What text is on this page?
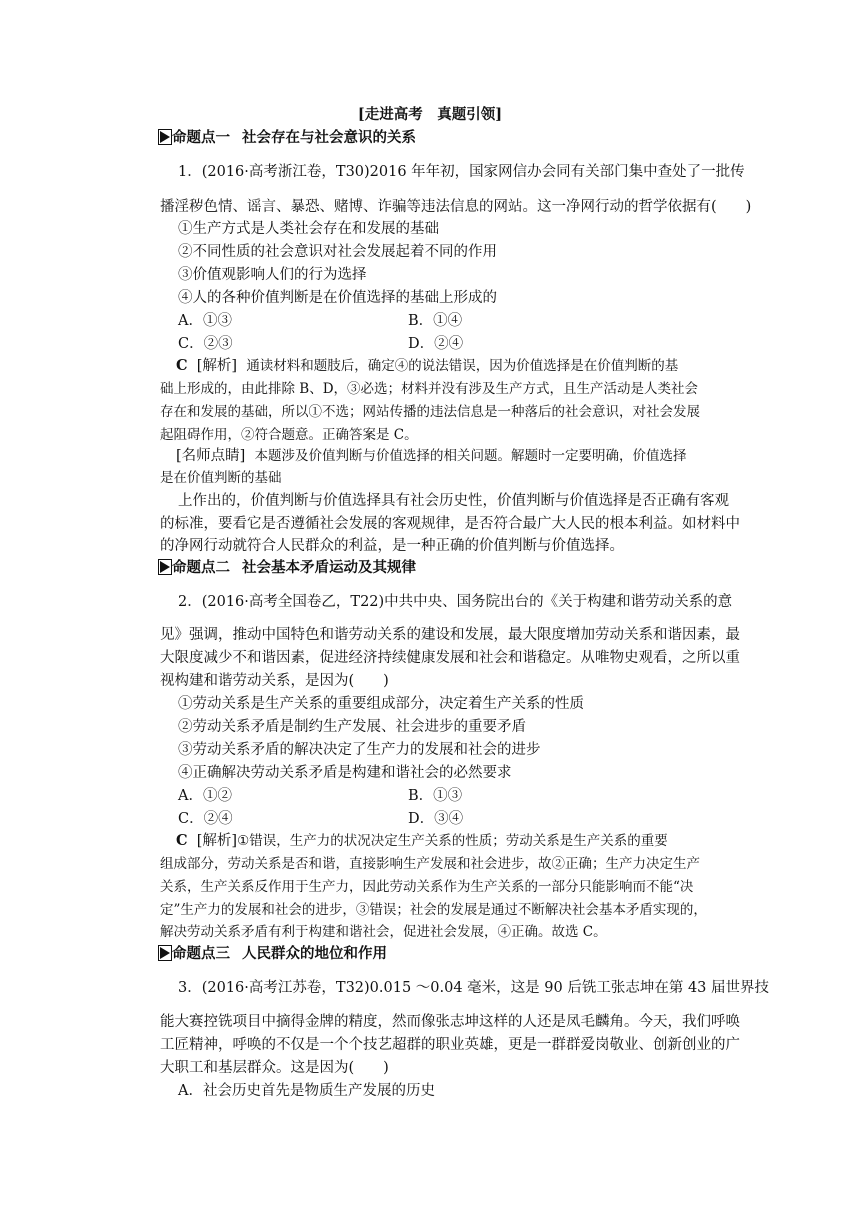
[走进高考　真题引领]
命题点一 社会存在与社会意识的关系
1．(2016·高考浙江卷，T30)2016 年年初，国家网信办会同有关部门集中查处了一批传
播淫秽色情、谣言、暴恐、赌博、诈骗等违法信息的网站。这一净网行动的哲学依据有(　　)
①生产方式是人类社会存在和发展的基础
②不同性质的社会意识对社会发展起着不同的作用
③价值观影响人们的行为选择
④人的各种价值判断是在价值选择的基础上形成的
A．①③	B．①④
C．②③	D．②④
C [解析] 通读材料和题肢后，确定④的说法错误，因为价值选择是在价值判断的基
础上形成的，由此排除 B、D，③必选；材料并没有涉及生产方式，且生产活动是人类社会
存在和发展的基础，所以①不选；网站传播的违法信息是一种落后的社会意识，对社会发展
起阻碍作用，②符合题意。正确答案是 C。
[名师点睛] 本题涉及价值判断与价值选择的相关问题。解题时一定要明确，价值选择
是在价值判断的基础
上作出的，价值判断与价值选择具有社会历史性，价值判断与价值选择是否正确有客观
的标准，要看它是否遵循社会发展的客观规律，是否符合最广大人民的根本利益。如材料中
的净网行动就符合人民群众的利益，是一种正确的价值判断与价值选择。
命题点二 社会基本矛盾运动及其规律
2．(2016·高考全国卷乙，T22)中共中央、国务院出台的《关于构建和谐劳动关系的意
见》强调，推动中国特色和谐劳动关系的建设和发展，最大限度增加劳动关系和谐因素，最
大限度减少不和谐因素，促进经济持续健康发展和社会和谐稳定。从唯物史观看，之所以重
视构建和谐劳动关系，是因为(　　)
①劳动关系是生产关系的重要组成部分，决定着生产关系的性质
②劳动关系矛盾是制约生产发展、社会进步的重要矛盾
③劳动关系矛盾的解决决定了生产力的发展和社会的进步
④正确解决劳动关系矛盾是构建和谐社会的必然要求
A．①②	B．①③
C．②④	D．③④
C [解析]①错误，生产力的状况决定生产关系的性质；劳动关系是生产关系的重要
组成部分，劳动关系是否和谐，直接影响生产发展和社会进步，故②正确；生产力决定生产
关系，生产关系反作用于生产力，因此劳动关系作为生产关系的一部分只能影响而不能“决
定”生产力的发展和社会的进步，③错误；社会的发展是通过不断解决社会基本矛盾实现的，
解决劳动关系矛盾有利于构建和谐社会，促进社会发展，④正确。故选 C。
命题点三 人民群众的地位和作用
3．(2016·高考江苏卷，T32)0.015 ～0.04 毫米，这是 90 后铣工张志坤在第 43 届世界技
能大赛控铣项目中摘得金牌的精度，然而像张志坤这样的人还是凤毛麟角。今天，我们呼唤
工匠精神，呼唤的不仅是一个个技艺超群的职业英雄，更是一群群爱岗敬业、创新创业的广
大职工和基层群众。这是因为(　　)
A．社会历史首先是物质生产发展的历史
